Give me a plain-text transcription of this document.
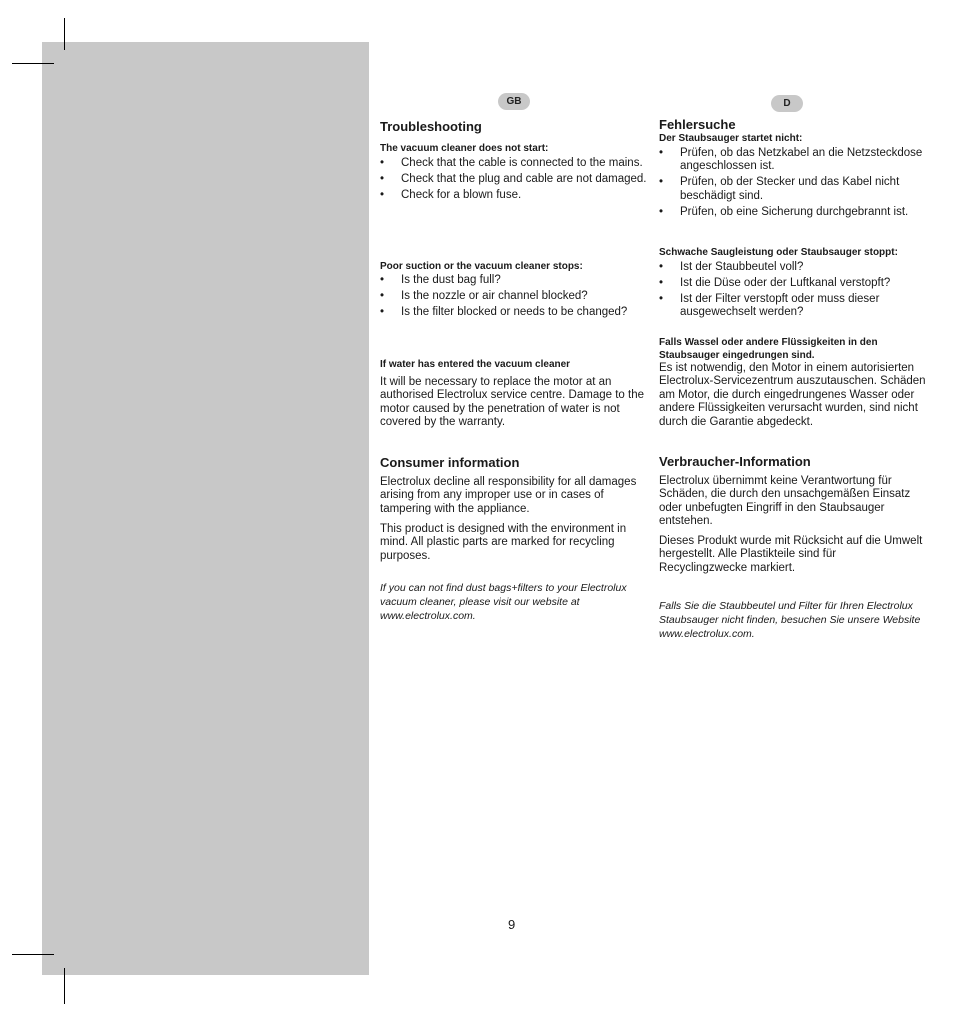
GB
Troubleshooting
The vacuum cleaner does not start:
• Check that the cable is connected to the mains.
• Check that the plug and cable are not damaged.
• Check for a blown fuse.
Poor suction or the vacuum cleaner stops:
• Is the dust bag full?
• Is the nozzle or air channel blocked?
• Is the filter blocked or needs to be changed?
If water has entered the vacuum cleaner

It will be necessary to replace the motor at an authorised Electrolux service centre. Damage to the motor caused by the penetration of water is not covered by the warranty.

Consumer information

Electrolux decline all responsibility for all damages arising from any improper use or in cases of tampering with the appliance.

This product is designed with the environment in mind. All plastic parts are marked for recycling purposes.

If you can not find dust bags+filters to your Electrolux vacuum cleaner, please visit our website at www.electrolux.com.

D
Fehlersuche
Der Staubsauger startet nicht:
• Prüfen, ob das Netzkabel an die Netzsteckdose angeschlossen ist.
• Prüfen, ob der Stecker und das Kabel nicht beschädigt sind.
• Prüfen, ob eine Sicherung durchgebrannt ist.
Schwache Saugleistung oder Staubsauger stoppt:
• Ist der Staubbeutel voll?
• Ist die Düse oder der Luftkanal verstopft?
• Ist der Filter verstopft oder muss dieser ausgewechselt werden?
Falls Wassel oder andere Flüssigkeiten in den Staubsauger eingedrungen sind.

Es ist notwendig, den Motor in einem autorisierten Electrolux-Servicezentrum auszutauschen. Schäden am Motor, die durch eingedrungenes Wasser oder andere Flüssigkeiten verursacht wurden, sind nicht durch die Garantie abgedeckt.

Verbraucher-Information

Electrolux übernimmt keine Verantwortung für Schäden, die durch den unsachgemäßen Einsatz oder unbefugten Eingriff in den Staubsauger entstehen.

Dieses Produkt wurde mit Rücksicht auf die Umwelt hergestellt. Alle Plastikteile sind für Recyclingzwecke markiert.

Falls Sie die Staubbeutel und Filter für Ihren Electrolux Staubsauger nicht finden, besuchen Sie unsere Website www.electrolux.com.

9
